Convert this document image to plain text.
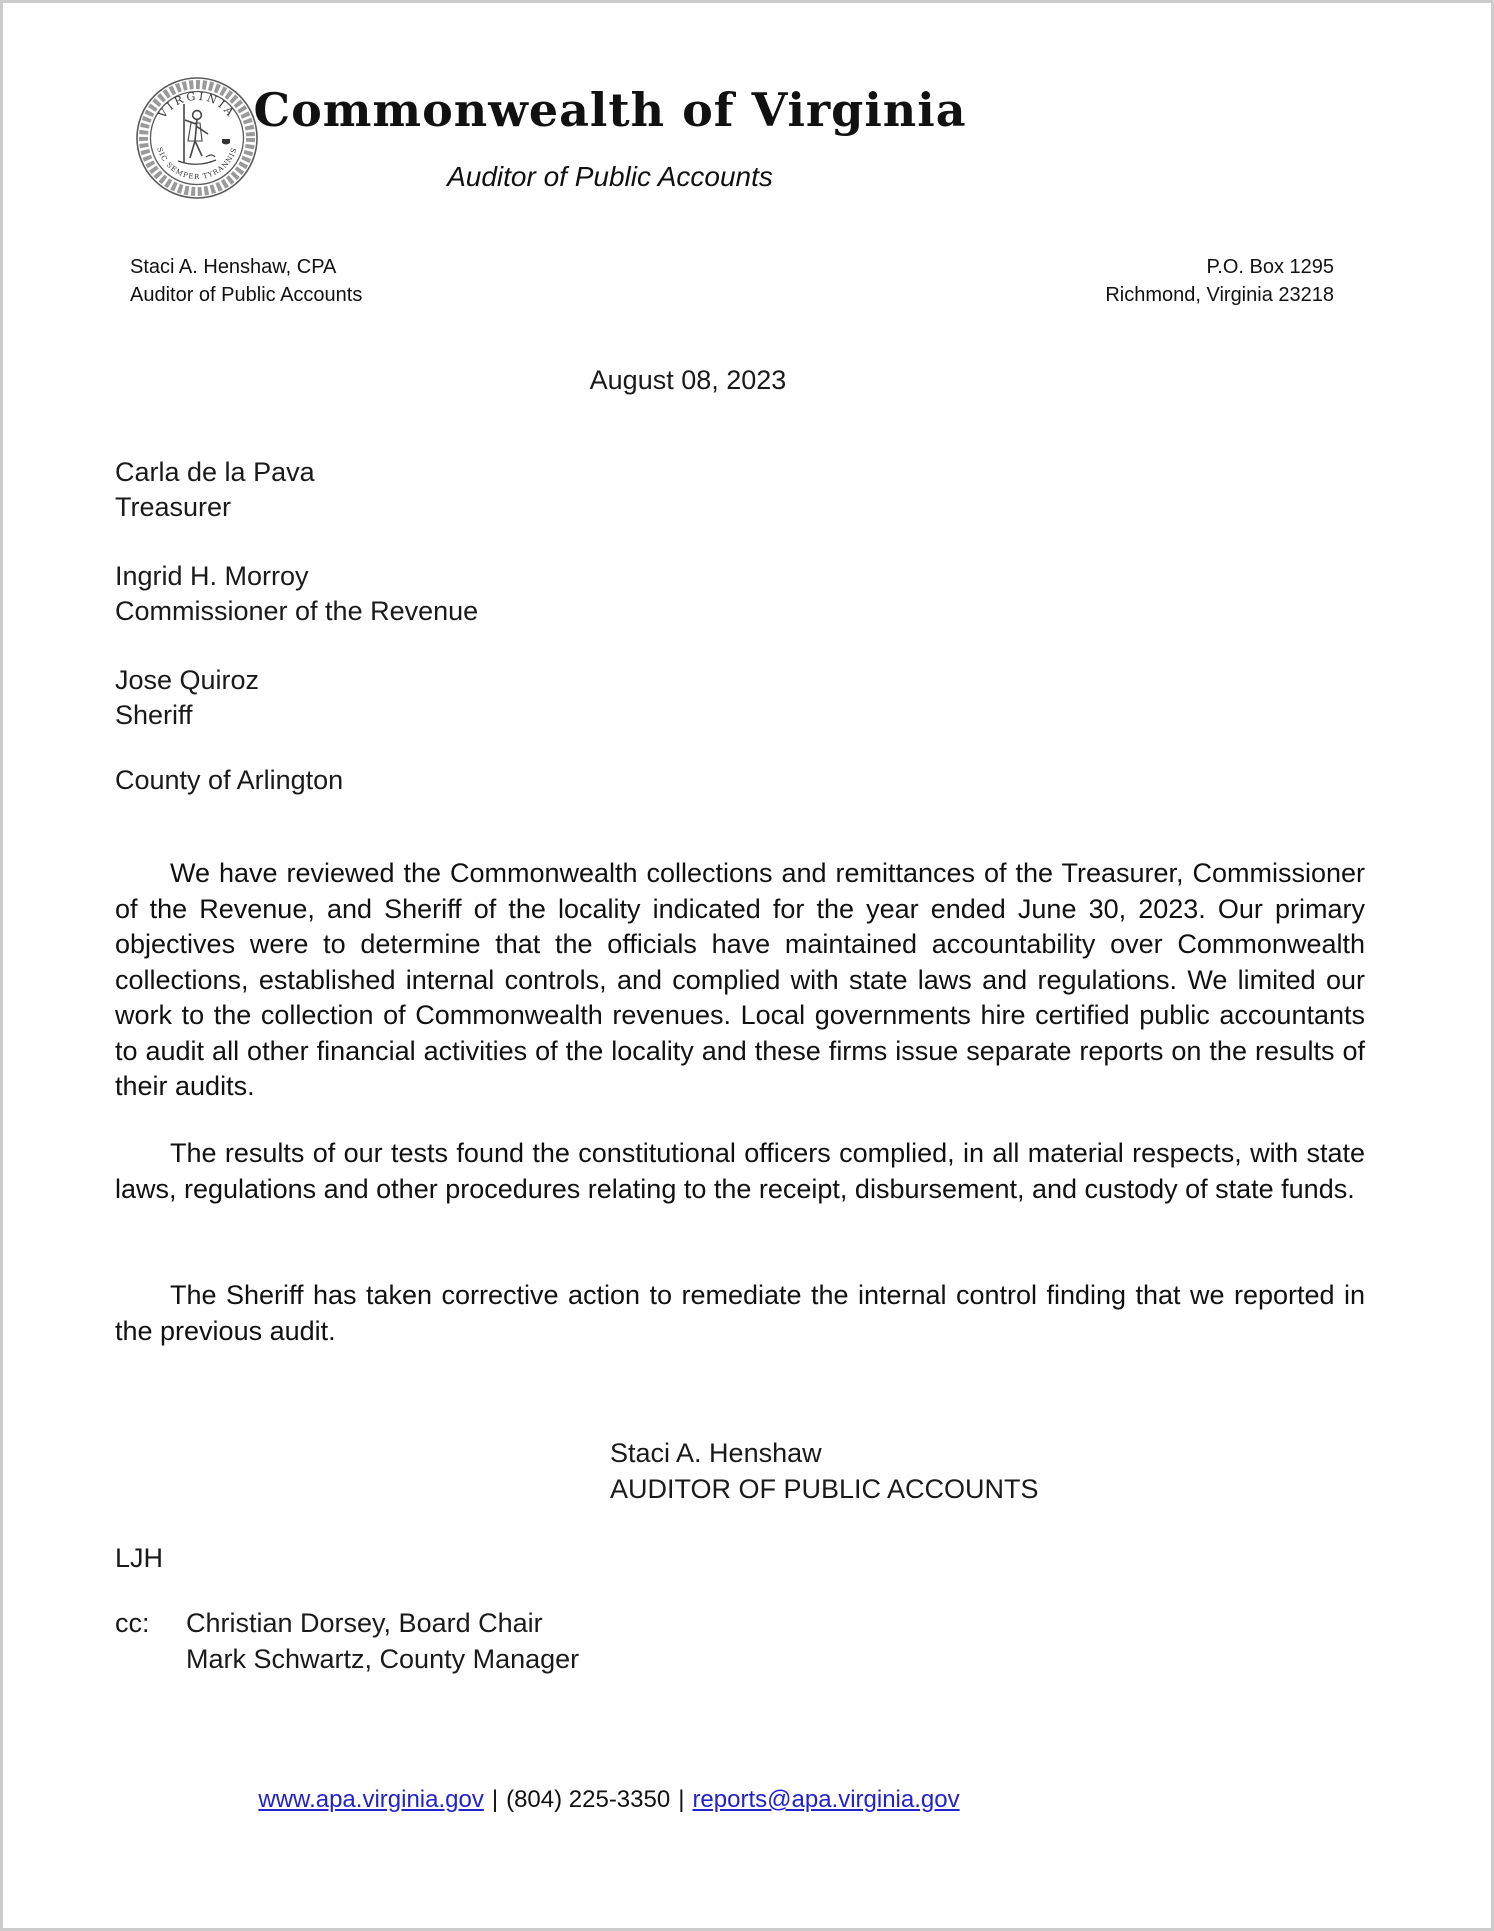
VIRGINIA
SIC SEMPER TYRANNIS
Commonwealth of Virginia
Auditor of Public Accounts
Staci A. Henshaw, CPA
Auditor of Public Accounts
P.O. Box 1295
Richmond, Virginia 23218
August 08, 2023
Carla de la Pava
Treasurer
Ingrid H. Morroy
Commissioner of the Revenue
Jose Quiroz
Sheriff
County of Arlington

We have reviewed the Commonwealth collections and remittances of the Treasurer, Commissioner of the Revenue, and Sheriff of the locality indicated for the year ended June 30, 2023. Our primary objectives were to determine that the officials have maintained accountability over Commonwealth collections, established internal controls, and complied with state laws and regulations. We limited our work to the collection of Commonwealth revenues. Local governments hire certified public accountants to audit all other financial activities of the locality and these firms issue separate reports on the results of their audits.

The results of our tests found the constitutional officers complied, in all material respects, with state laws, regulations and other procedures relating to the receipt, disbursement, and custody of state funds.

The Sheriff has taken corrective action to remediate the internal control finding that we reported in the previous audit.

Staci A. Henshaw
AUDITOR OF PUBLIC ACCOUNTS
LJH
cc:	Christian Dorsey, Board Chair
Mark Schwartz, County Manager
www.apa.virginia.gov | (804) 225-3350 | reports@apa.virginia.gov
